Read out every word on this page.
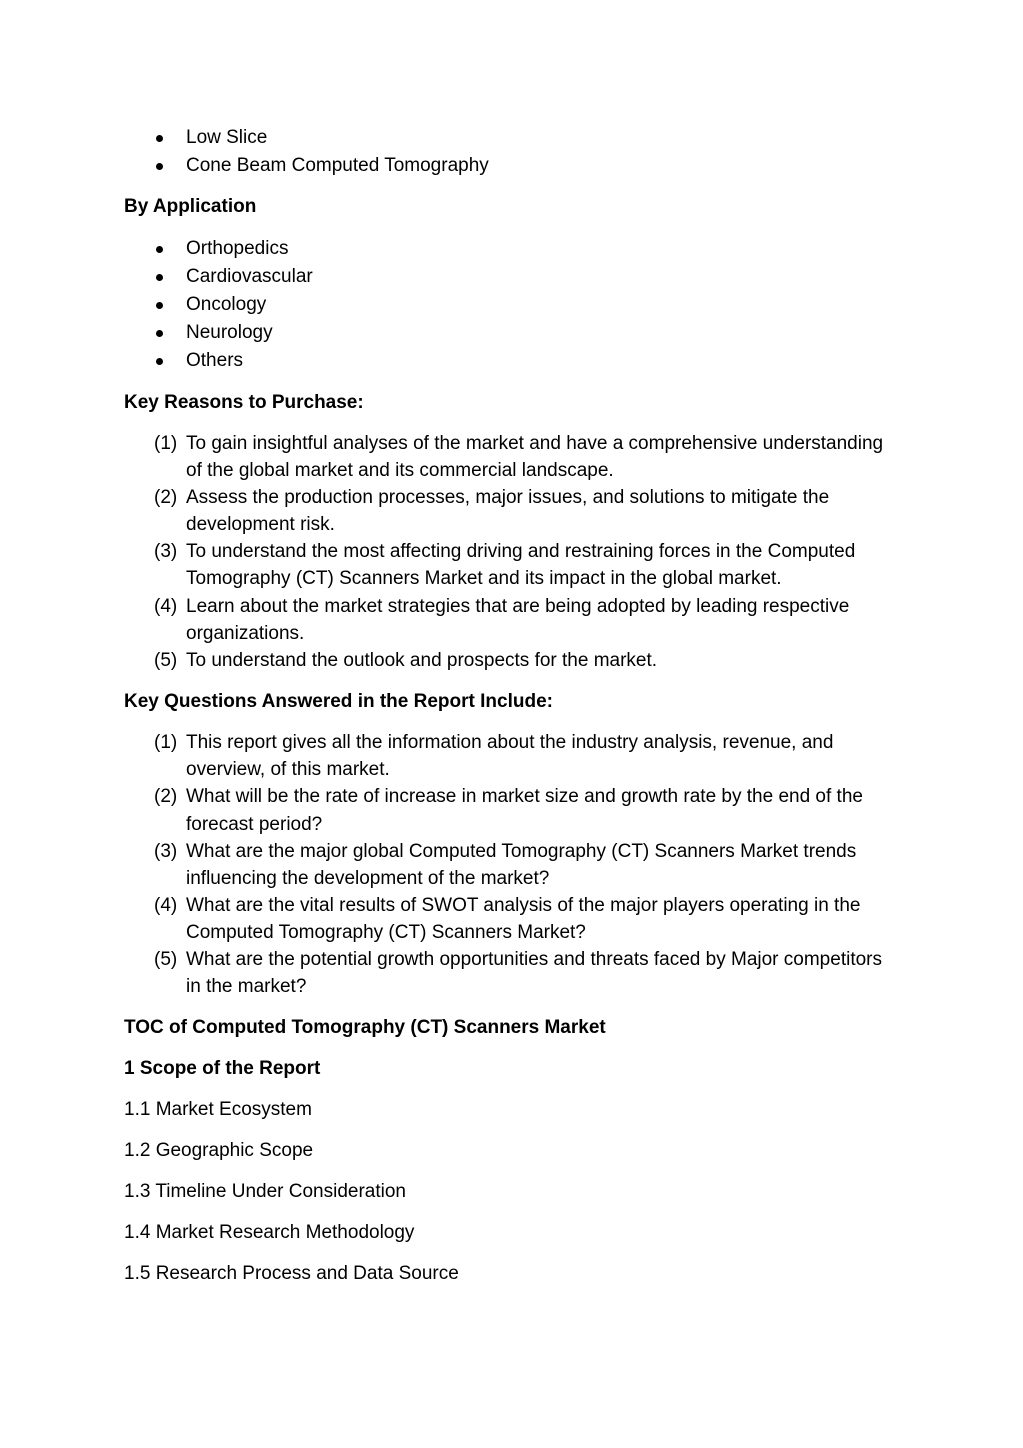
Low Slice
Cone Beam Computed Tomography
By Application
Orthopedics
Cardiovascular
Oncology
Neurology
Others
Key Reasons to Purchase:
(1) To gain insightful analyses of the market and have a comprehensive understanding
of the global market and its commercial landscape.
(2) Assess the production processes, major issues, and solutions to mitigate the
development risk.
(3) To understand the most affecting driving and restraining forces in the Computed
Tomography (CT) Scanners Market and its impact in the global market.
(4) Learn about the market strategies that are being adopted by leading respective
organizations.
(5) To understand the outlook and prospects for the market.
Key Questions Answered in the Report Include:
(1) This report gives all the information about the industry analysis, revenue, and
overview, of this market.
(2) What will be the rate of increase in market size and growth rate by the end of the
forecast period?
(3) What are the major global Computed Tomography (CT) Scanners Market trends
influencing the development of the market?
(4) What are the vital results of SWOT analysis of the major players operating in the
Computed Tomography (CT) Scanners Market?
(5) What are the potential growth opportunities and threats faced by Major competitors
in the market?
TOC of Computed Tomography (CT) Scanners Market
1 Scope of the Report
1.1 Market Ecosystem
1.2 Geographic Scope
1.3 Timeline Under Consideration
1.4 Market Research Methodology
1.5 Research Process and Data Source
